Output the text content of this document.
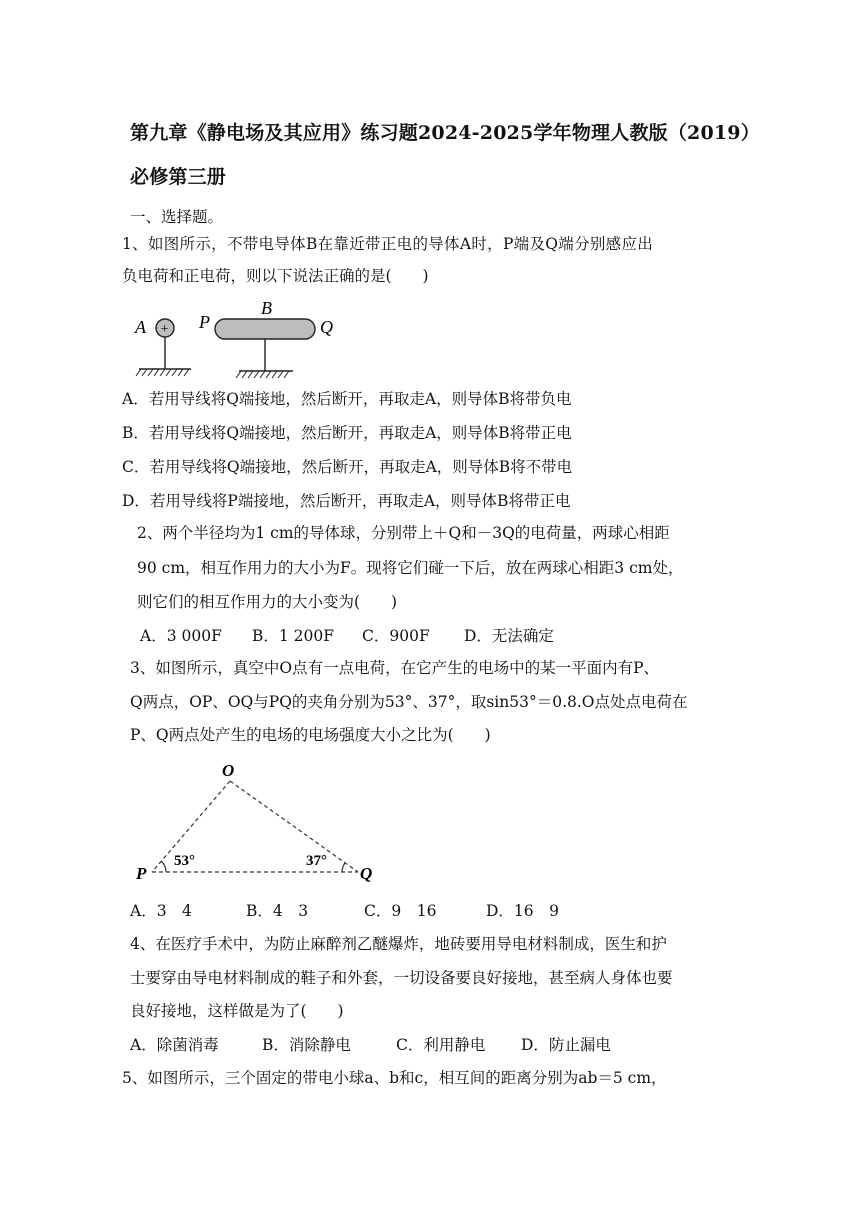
第九章《静电场及其应用》练习题2024-2025学年物理人教版（2019）
必修第三册
一、选择题。
1、如图所示，不带电导体B在靠近带正电的导体A时，P端及Q端分别感应出
负电荷和正电荷，则以下说法正确的是(　　)
A + P
B
Q
A．若用导线将Q端接地，然后断开，再取走A，则导体B将带负电
B．若用导线将Q端接地，然后断开，再取走A，则导体B将带正电
C．若用导线将Q端接地，然后断开，再取走A，则导体B将不带电
D．若用导线将P端接地，然后断开，再取走A，则导体B将带正电
2、两个半径均为1 cm的导体球，分别带上＋Q和－3Q的电荷量，两球心相距
90 cm，相互作用力的大小为F。现将它们碰一下后，放在两球心相距3 cm处，
则它们的相互作用力的大小变为(　　)
A．3 000F B．1 200F C．900F D．无法确定
3、如图所示，真空中O点有一点电荷，在它产生的电场中的某一平面内有P、
Q两点，OP、OQ与PQ的夹角分别为53°、37°，取sin53°＝0.8.O点处点电荷在
P、Q两点处产生的电场的电场强度大小之比为(　　)
O
P
53°	37°
Q
A．3　4	B．4　3	C．9　16	D．16　9
4、在医疗手术中，为防止麻醉剂乙醚爆炸，地砖要用导电材料制成，医生和护
士要穿由导电材料制成的鞋子和外套，一切设备要良好接地，甚至病人身体也要
良好接地，这样做是为了(　　)
A．除菌消毒	B．消除静电	C．利用静电 D．防止漏电
5、如图所示，三个固定的带电小球a、b和c，相互间的距离分别为ab＝5 cm，
